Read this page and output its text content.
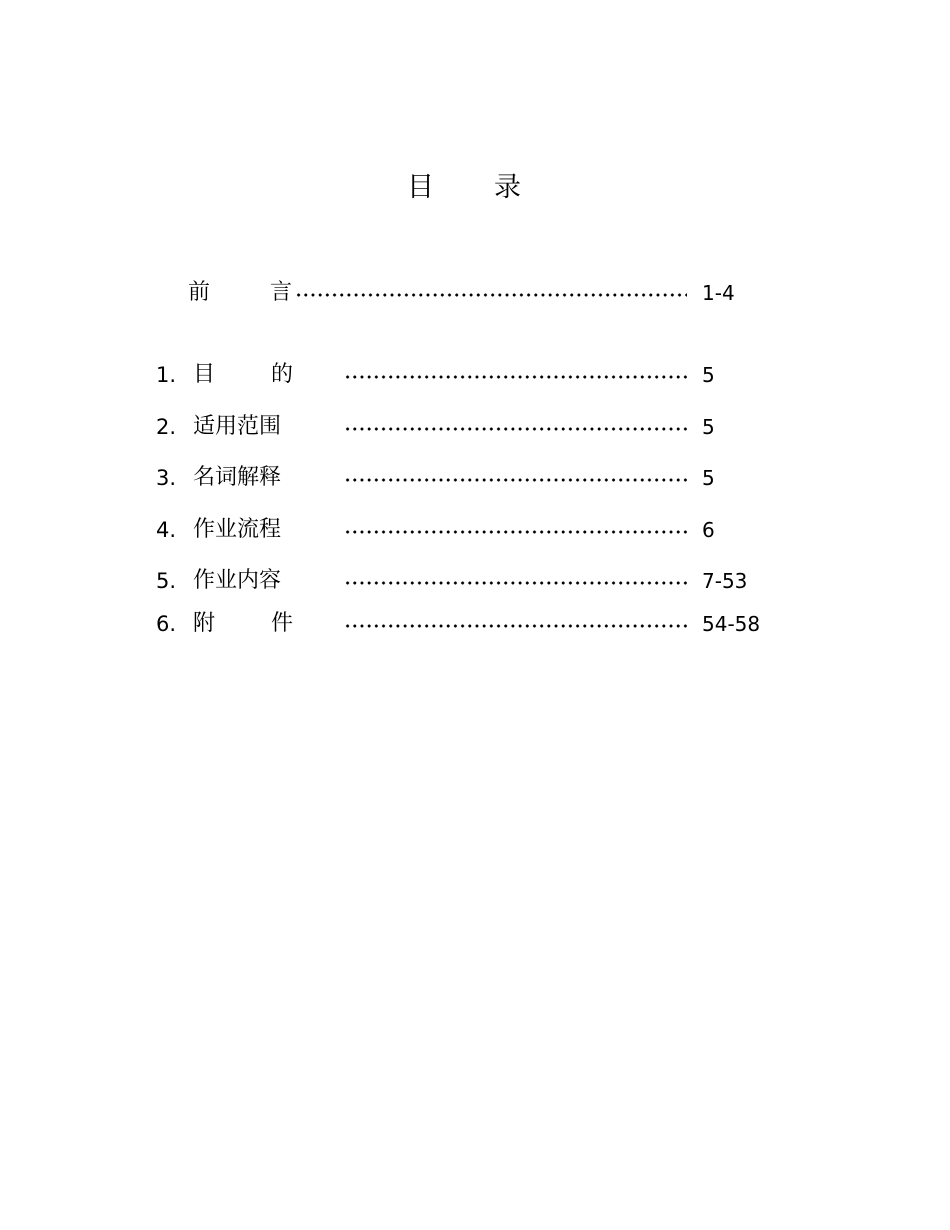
目　　录
前	言	1-4
1. 目	的	5
2. 适用范围	5
3. 名词解释	5
4. 作业流程	6
5. 作业内容	7-53
6. 附	件	54-58
